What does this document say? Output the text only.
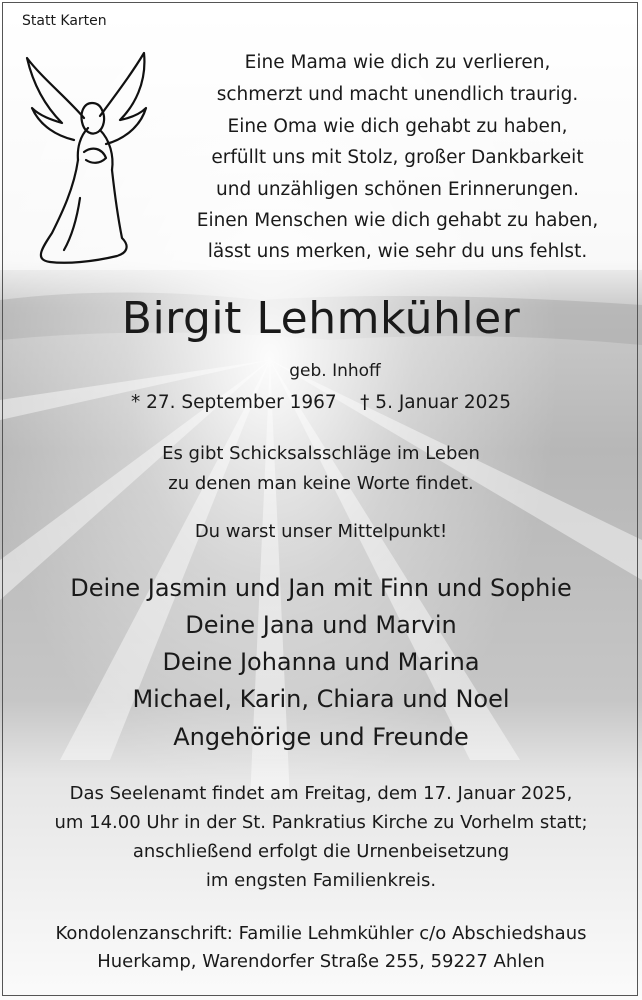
Statt Karten

Eine Mama wie dich zu verlieren,

schmerzt und macht unendlich traurig.

Eine Oma wie dich gehabt zu haben,

erfüllt uns mit Stolz, großer Dankbarkeit

und unzähligen schönen Erinnerungen.

Einen Menschen wie dich gehabt zu haben,

lässt uns merken, wie sehr du uns fehlst.

Birgit Lehmkühler

geb. Inhoff

* 27. September 1967    † 5. Januar 2025

Es gibt Schicksalsschläge im Leben

zu denen man keine Worte findet.

Du warst unser Mittelpunkt!

Deine Jasmin und Jan mit Finn und Sophie

Deine Jana und Marvin

Deine Johanna und Marina

Michael, Karin, Chiara und Noel

Angehörige und Freunde

Das Seelenamt findet am Freitag, dem 17. Januar 2025,

um 14.00 Uhr in der St. Pankratius Kirche zu Vorhelm statt;

anschließend erfolgt die Urnenbeisetzung

im engsten Familienkreis.

Kondolenzanschrift: Familie Lehmkühler c/o Abschiedshaus

Huerkamp, Warendorfer Straße 255, 59227 Ahlen
